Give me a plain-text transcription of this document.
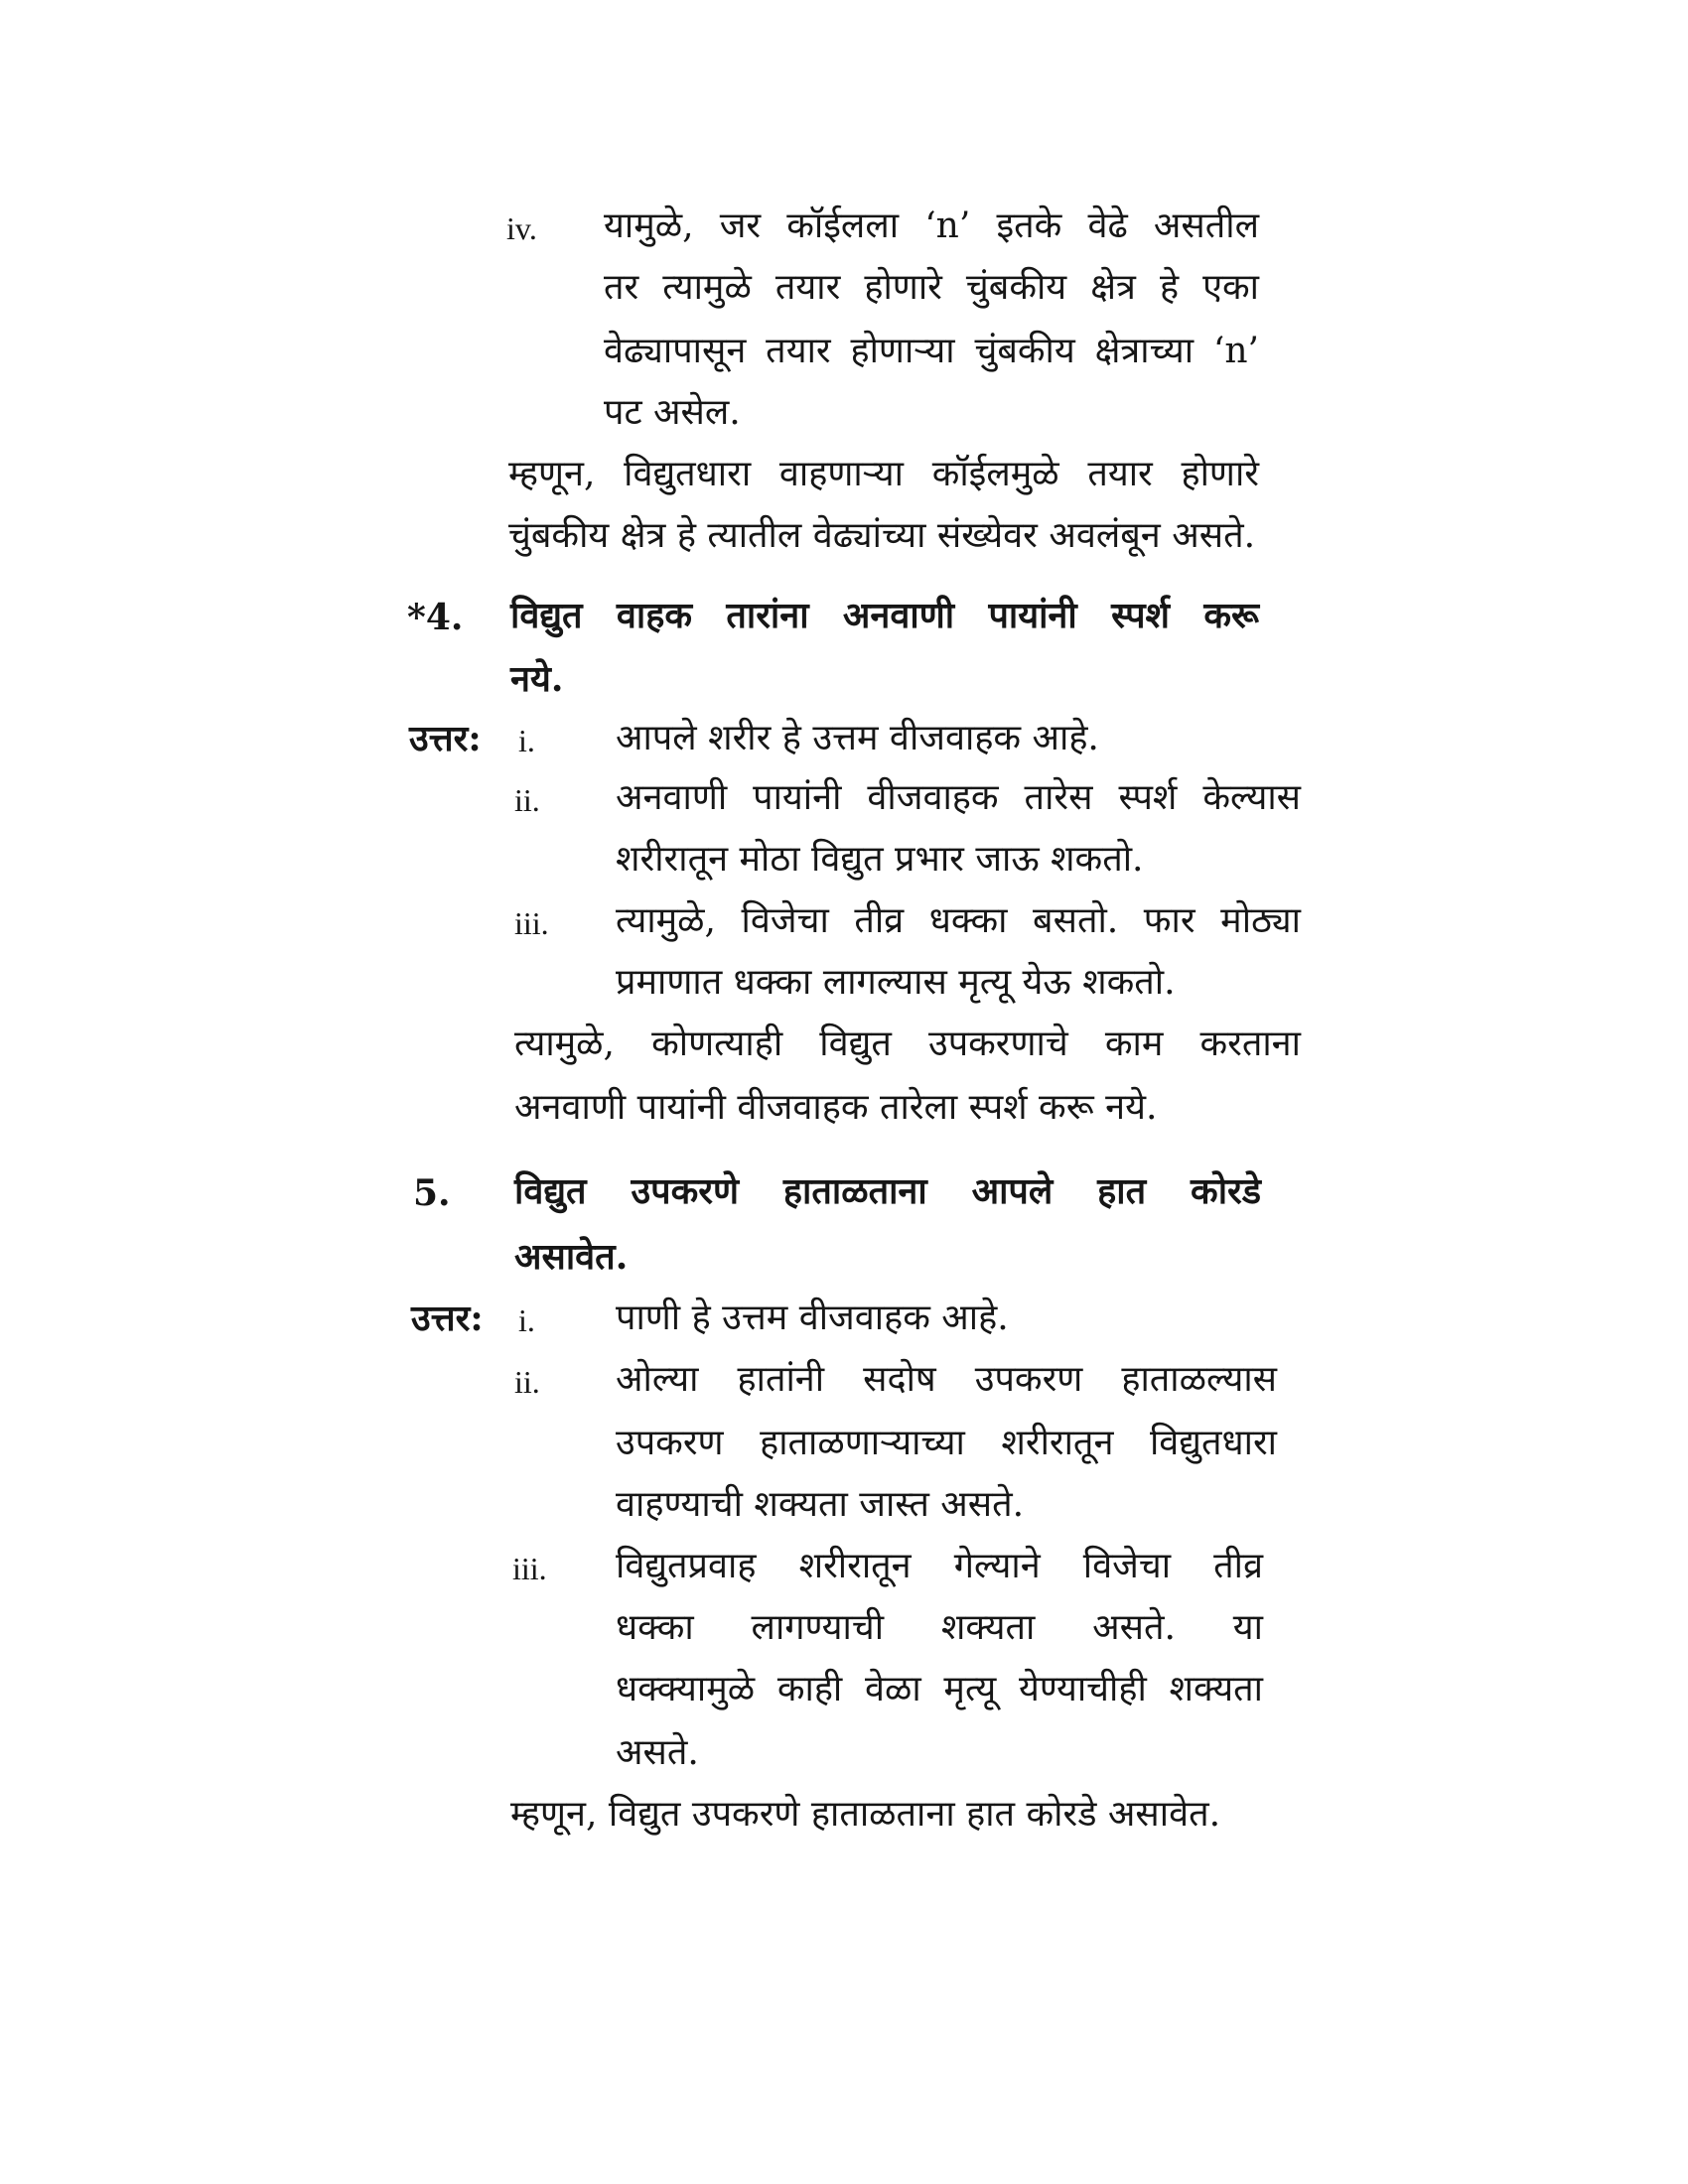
iv. यामुळे, जर कॉईलला ‘n’ इतके वेढे असतील
तर त्यामुळे तयार होणारे चुंबकीय क्षेत्र हे एका
वेढ्यापासून तयार होणाऱ्या चुंबकीय क्षेत्राच्या ‘n’
पट असेल.
म्हणून, विद्युतधारा वाहणाऱ्या कॉईलमुळे तयार होणारे
चुंबकीय क्षेत्र हे त्यातील वेढ्यांच्या संख्येवर अवलंबून असते.
*4. विद्युत वाहक तारांना अनवाणी पायांनी स्पर्श करू
नये.
उत्तर: i. आपले शरीर हे उत्तम वीजवाहक आहे.
ii. अनवाणी पायांनी वीजवाहक तारेस स्पर्श केल्यास
शरीरातून मोठा विद्युत प्रभार जाऊ शकतो.
iii. त्यामुळे, विजेचा तीव्र धक्का बसतो. फार मोठ्या
प्रमाणात धक्का लागल्यास मृत्यू येऊ शकतो.
त्यामुळे, कोणत्याही विद्युत उपकरणाचे काम करताना
अनवाणी पायांनी वीजवाहक तारेला स्पर्श करू नये.
5. विद्युत उपकरणे हाताळताना आपले हात कोरडे
असावेत.
उत्तर: i. पाणी हे उत्तम वीजवाहक आहे.
ii. ओल्या हातांनी सदोष उपकरण हाताळल्यास
उपकरण हाताळणाऱ्याच्या शरीरातून विद्युतधारा
वाहण्याची शक्यता जास्त असते.
iii. विद्युतप्रवाह शरीरातून गेल्याने विजेचा तीव्र
धक्का लागण्याची शक्यता असते. या
धक्क्यामुळे काही वेळा मृत्यू येण्याचीही शक्यता
असते.
म्हणून, विद्युत उपकरणे हाताळताना हात कोरडे असावेत.
